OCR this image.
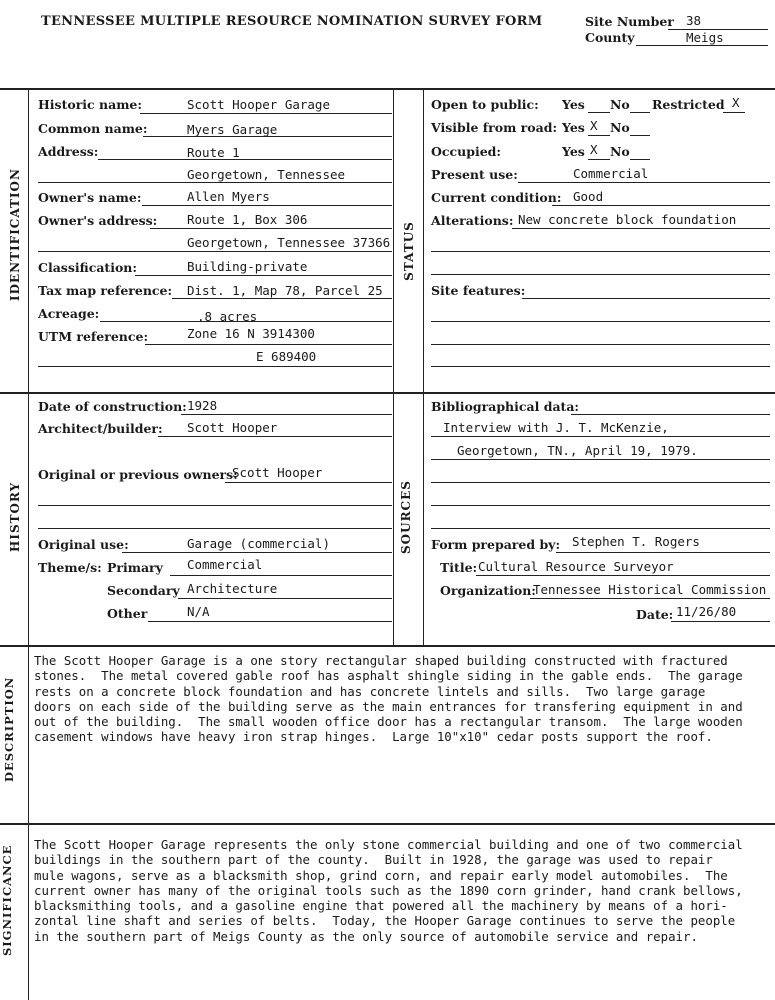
TENNESSEE MULTIPLE RESOURCE NOMINATION SURVEY FORM	Site Number 38
County	Meigs
IDENTIFICATION	STATUS
HISTORY	SOURCES
DESCRIPTION
SIGNIFICANCE
Historic name:	Scott Hooper Garage
Common name:	Myers Garage
Address:	Route 1
Georgetown, Tennessee
Owner's name:	Allen Myers
Owner's address: Route 1, Box 306
Georgetown, Tennessee 37366
Classification:	Building-private
Tax map reference: Dist. 1, Map 78, Parcel 25
Acreage:	.8 acres
UTM reference:	Zone 16 N 3914300
E 689400
Open to public: Yes No Restricted X
Visible from road: Yes X No
Occupied:	Yes X No
Present use:	Commercial
Current condition: Good
Alterations: New concrete block foundation
Site features:
Date of construction: 1928
Architect/builder: Scott Hooper
Original or previous owners:
Scott Hooper
Original use:	Garage (commercial)
Theme/s: Primary Commercial
Secondary Architecture
Other	N/A
Bibliographical data:
Interview with J. T. McKenzie,
Georgetown, TN., April 19, 1979.
Form prepared by: Stephen T. Rogers
Title: Cultural Resource Surveyor
Organization:
Tennessee Historical Commission
Date: 11/26/80
The Scott Hooper Garage is a one story rectangular shaped building constructed with fractured
stones.  The metal covered gable roof has asphalt shingle siding in the gable ends.  The garage
rests on a concrete block foundation and has concrete lintels and sills.  Two large garage
doors on each side of the building serve as the main entrances for transfering equipment in and
out of the building.  The small wooden office door has a rectangular transom.  The large wooden
casement windows have heavy iron strap hinges.  Large 10"x10" cedar posts support the roof.
The Scott Hooper Garage represents the only stone commercial building and one of two commercial
buildings in the southern part of the county.  Built in 1928, the garage was used to repair
mule wagons, serve as a blacksmith shop, grind corn, and repair early model automobiles.  The
current owner has many of the original tools such as the 1890 corn grinder, hand crank bellows,
blacksmithing tools, and a gasoline engine that powered all the machinery by means of a hori-
zontal line shaft and series of belts.  Today, the Hooper Garage continues to serve the people
in the southern part of Meigs County as the only source of automobile service and repair.
